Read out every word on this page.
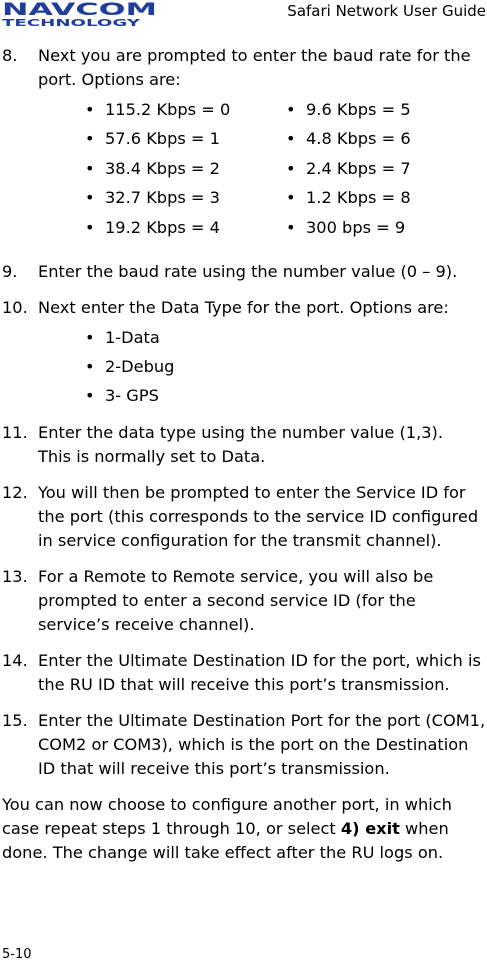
NAVCOM
TECHNOLOGY
Safari Network User Guide
8. Next you are prompted to enter the baud rate for the port. Options are:
• 115.2 Kbps = 0
• 57.6 Kbps = 1
• 38.4 Kbps = 2
• 32.7 Kbps = 3
• 19.2 Kbps = 4
• 9.6 Kbps = 5
• 4.8 Kbps = 6
• 2.4 Kbps = 7
• 1.2 Kbps = 8
• 300 bps = 9
9. Enter the baud rate using the number value (0 – 9).
10. Next enter the Data Type for the port. Options are:
• 1-Data
• 2-Debug
• 3- GPS
11. Enter the data type using the number value (1,3).
This is normally set to Data.
12. You will then be prompted to enter the Service ID for the port (this corresponds to the service ID configured in service configuration for the transmit channel).
13. For a Remote to Remote service, you will also be prompted to enter a second service ID (for the service’s receive channel).
14. Enter the Ultimate Destination ID for the port, which is the RU ID that will receive this port’s transmission.
15. Enter the Ultimate Destination Port for the port (COM1, COM2 or COM3), which is the port on the Destination ID that will receive this port’s transmission.
You can now choose to configure another port, in which case repeat steps 1 through 10, or select 4) exit when done. The change will take effect after the RU logs on.
5-10
